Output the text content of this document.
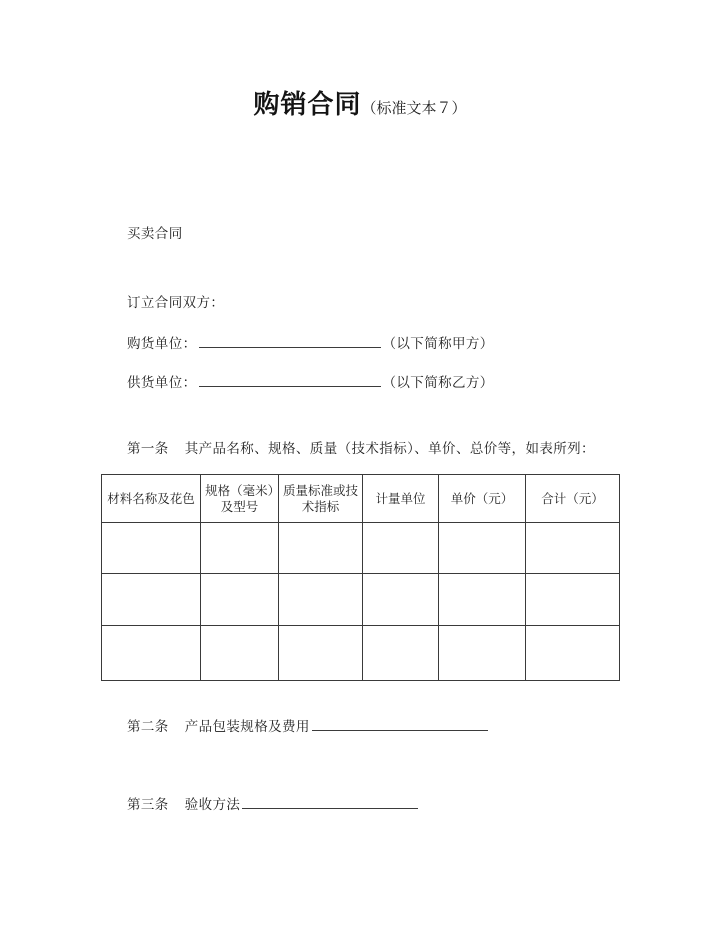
购销合同（标准文本７）
买卖合同
订立合同双方：
购货单位：	（以下简称甲方）
供货单位：	（以下简称乙方）
第一条 其产品名称、规格、质量（技术指标）、单价、总价等，如表所列：
材料名称及花色	规格（毫米）及型号	质量标准或技术指标	计量单位	单价（元）	合计（元）

第二条 产品包装规格及费用
第三条 验收方法
